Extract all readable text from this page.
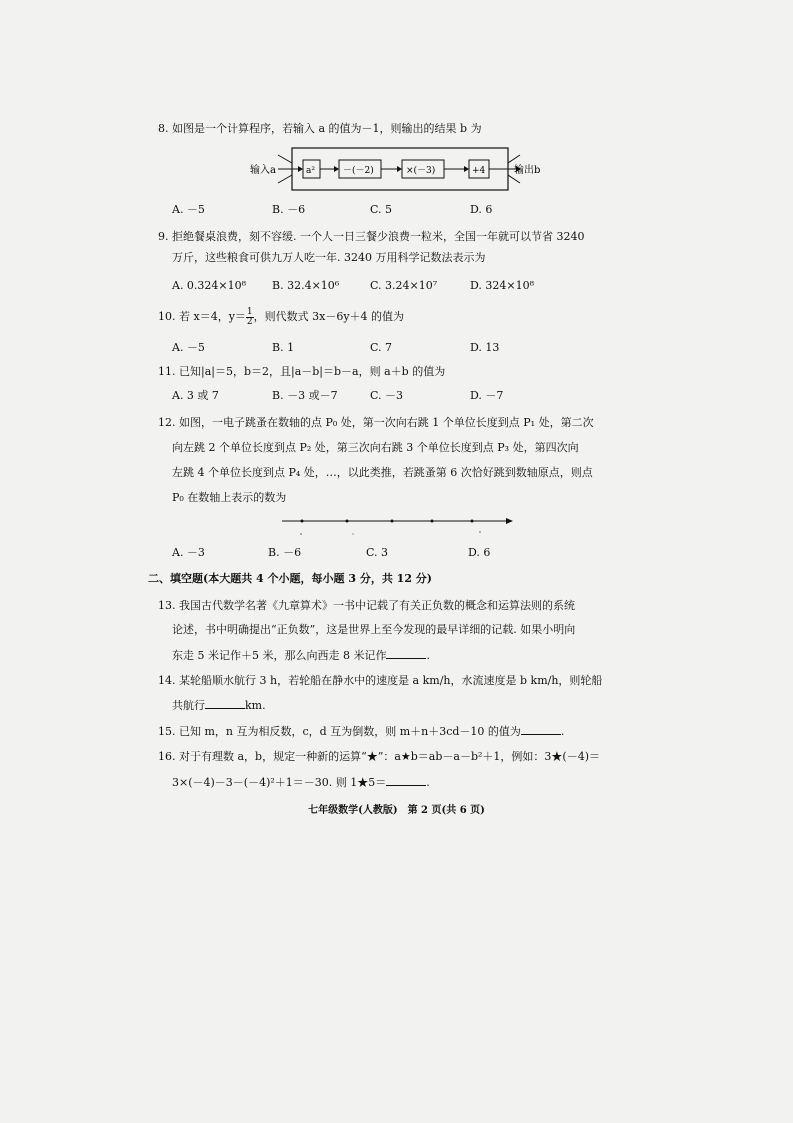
8. 如图是一个计算程序，若输入 a 的值为－1，则输出的结果 b 为
输入a	a²	－(－2)	×(－3)	+4	输出b
A. －5	B. －6	C. 5	D. 6
9. 拒绝餐桌浪费，刻不容缓. 一个人一日三餐少浪费一粒米，全国一年就可以节省 3240
万斤，这些粮食可供九万人吃一年. 3240 万用科学记数法表示为
A. 0.324×10⁸ B. 32.4×10⁶	C. 3.24×10⁷	D. 324×10⁸
10. 若 x＝4，$y= \frac{1}{2}$ ，则代数式 3x－6y＋4 的值为
A. －5	B. 1	C. 7	D. 13
11. 已知|a|＝5，b＝2，且|a－b|＝b－a，则 a＋b 的值为
A. 3 或 7	B. －3 或－7	C. －3	D. －7
12. 如图，一电子跳蚤在数轴的点 P₀ 处，第一次向右跳 1 个单位长度到点 P₁ 处，第二次
向左跳 2 个单位长度到点 P₂ 处，第三次向右跳 3 个单位长度到点 P₃ 处，第四次向
左跳 4 个单位长度到点 P₄ 处，…，以此类推，若跳蚤第 6 次恰好跳到数轴原点，则点
P₀ 在数轴上表示的数为
A. －3	B. －6	C. 3	D. 6
二、填空题(本大题共 4 个小题，每小题 3 分，共 12 分)
13. 我国古代数学名著《九章算术》一书中记载了有关正负数的概念和运算法则的系统
论述，书中明确提出“正负数”，这是世界上至今发现的最早详细的记载. 如果小明向
东走 5 米记作＋5 米，那么向西走 8 米记作	.
14. 某轮船顺水航行 3 h，若轮船在静水中的速度是 a km/h，水流速度是 b km/h，则轮船
共航行	km.
15. 已知 m，n 互为相反数，c，d 互为倒数，则 m＋n＋3cd－10 的值为	.
16. 对于有理数 a，b，规定一种新的运算“★”：a★b＝ab－a－b²＋1，例如：3★(－4)＝
3×(－4)－3－(－4)²＋1＝－30. 则 1★5＝	.
七年级数学(人教版)　第 2 页(共 6 页)
